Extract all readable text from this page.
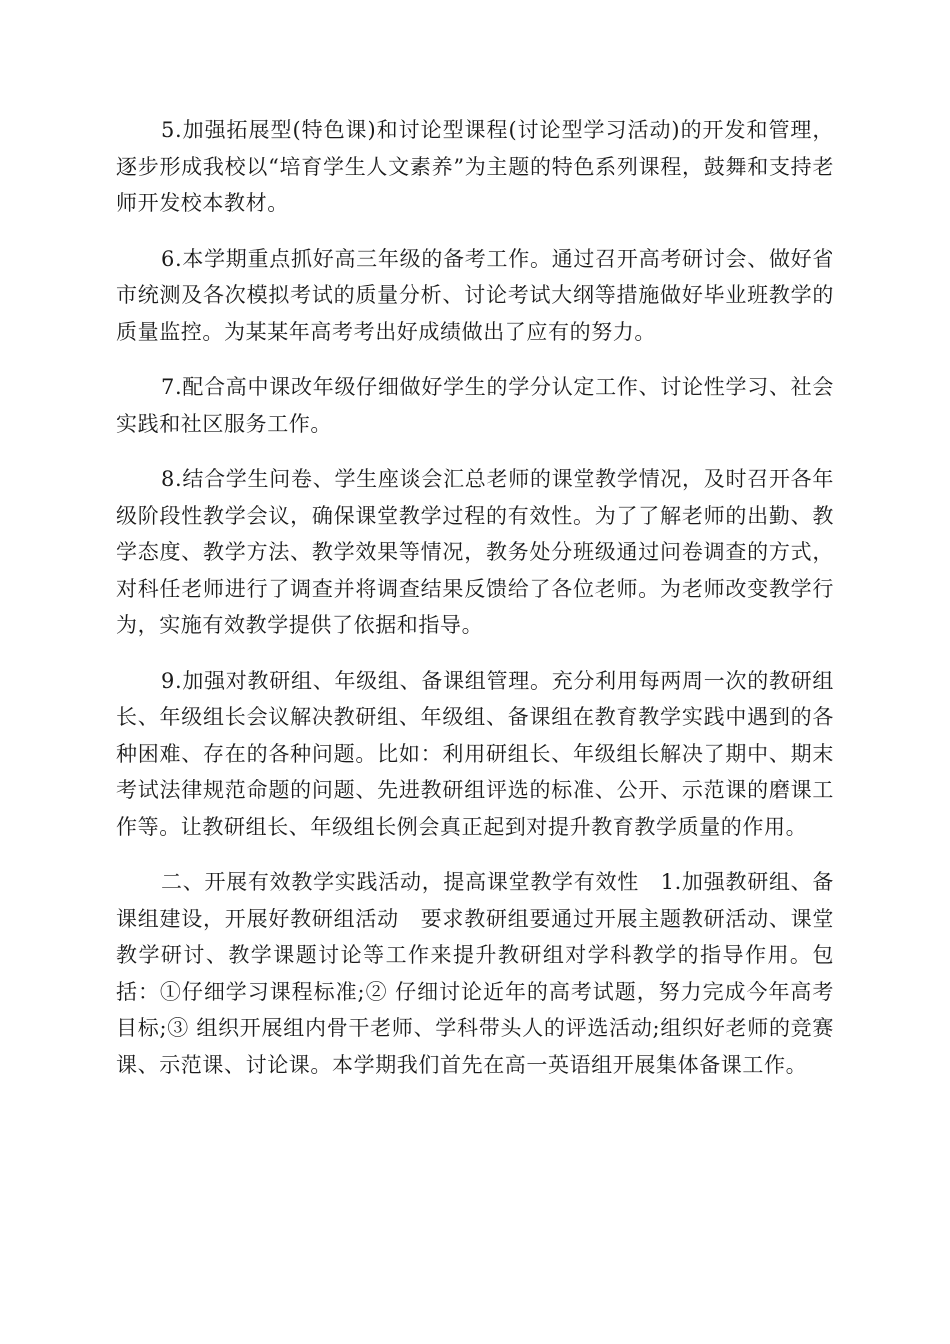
5.加强拓展型(特色课)和讨论型课程(讨论型学习活动)的开发和管理，逐步形成我校以“培育学生人文素养”为主题的特色系列课程，鼓舞和支持老师开发校本教材。

6.本学期重点抓好高三年级的备考工作。通过召开高考研讨会、做好省市统测及各次模拟考试的质量分析、讨论考试大纲等措施做好毕业班教学的质量监控。为某某年高考考出好成绩做出了应有的努力。

7.配合高中课改年级仔细做好学生的学分认定工作、讨论性学习、社会实践和社区服务工作。

8.结合学生问卷、学生座谈会汇总老师的课堂教学情况，及时召开各年级阶段性教学会议，确保课堂教学过程的有效性。为了了解老师的出勤、教学态度、教学方法、教学效果等情况，教务处分班级通过问卷调查的方式，对科任老师进行了调查并将调查结果反馈给了各位老师。为老师改变教学行为，实施有效教学提供了依据和指导。

9.加强对教研组、年级组、备课组管理。充分利用每两周一次的教研组长、年级组长会议解决教研组、年级组、备课组在教育教学实践中遇到的各种困难、存在的各种问题。比如：利用研组长、年级组长解决了期中、期末考试法律规范命题的问题、先进教研组评选的标准、公开、示范课的磨课工作等。让教研组长、年级组长例会真正起到对提升教育教学质量的作用。

二、开展有效教学实践活动，提高课堂教学有效性　1.加强教研组、备课组建设，开展好教研组活动　要求教研组要通过开展主题教研活动、课堂教学研讨、教学课题讨论等工作来提升教研组对学科教学的指导作用。包括：①仔细学习课程标准;② 仔细讨论近年的高考试题，努力完成今年高考目标;③ 组织开展组内骨干老师、学科带头人的评选活动;组织好老师的竞赛课、示范课、讨论课。本学期我们首先在高一英语组开展集体备课工作。
